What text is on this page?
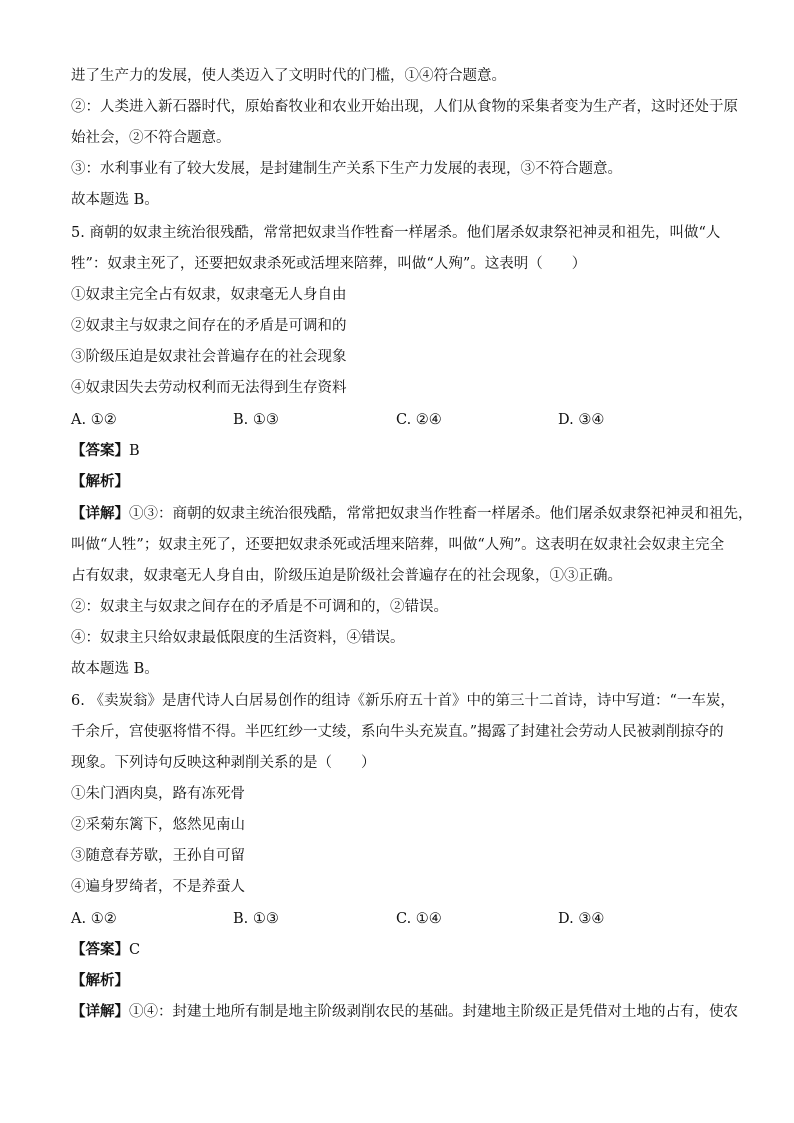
进了生产力的发展，使人类迈入了文明时代的门槛，①④符合题意。
②：人类进入新石器时代，原始畜牧业和农业开始出现，人们从食物的采集者变为生产者，这时还处于原
始社会，②不符合题意。
③：水利事业有了较大发展，是封建制生产关系下生产力发展的表现，③不符合题意。
故本题选 B。
5. 商朝的奴隶主统治很残酷，常常把奴隶当作牲畜一样屠杀。他们屠杀奴隶祭祀神灵和祖先，叫做“人
牲”：奴隶主死了，还要把奴隶杀死或活埋来陪葬，叫做“人殉”。这表明（　　）
①奴隶主完全占有奴隶，奴隶毫无人身自由
②奴隶主与奴隶之间存在的矛盾是可调和的
③阶级压迫是奴隶社会普遍存在的社会现象
④奴隶因失去劳动权利而无法得到生存资料
A. ①②	B. ①③	C. ②④	D. ③④
【答案】B
【解析】
【详解】①③：商朝的奴隶主统治很残酷，常常把奴隶当作牲畜一样屠杀。他们屠杀奴隶祭祀神灵和祖先，
叫做“人牲”；奴隶主死了，还要把奴隶杀死或活埋来陪葬，叫做“人殉”。这表明在奴隶社会奴隶主完全
占有奴隶，奴隶毫无人身自由，阶级压迫是阶级社会普遍存在的社会现象，①③正确。
②：奴隶主与奴隶之间存在的矛盾是不可调和的，②错误。
④：奴隶主只给奴隶最低限度的生活资料，④错误。
故本题选 B。
6. 《卖炭翁》是唐代诗人白居易创作的组诗《新乐府五十首》中的第三十二首诗，诗中写道：“一车炭，
千余斤，宫使驱将惜不得。半匹红纱一丈绫，系向牛头充炭直。”揭露了封建社会劳动人民被剥削掠夺的
现象。下列诗句反映这种剥削关系的是（　　）
①朱门酒肉臭，路有冻死骨
②采菊东篱下，悠然见南山
③随意春芳歇，王孙自可留
④遍身罗绮者，不是养蚕人
A. ①②	B. ①③	C. ①④	D. ③④
【答案】C
【解析】
【详解】①④：封建土地所有制是地主阶级剥削农民的基础。封建地主阶级正是凭借对土地的占有，使农
